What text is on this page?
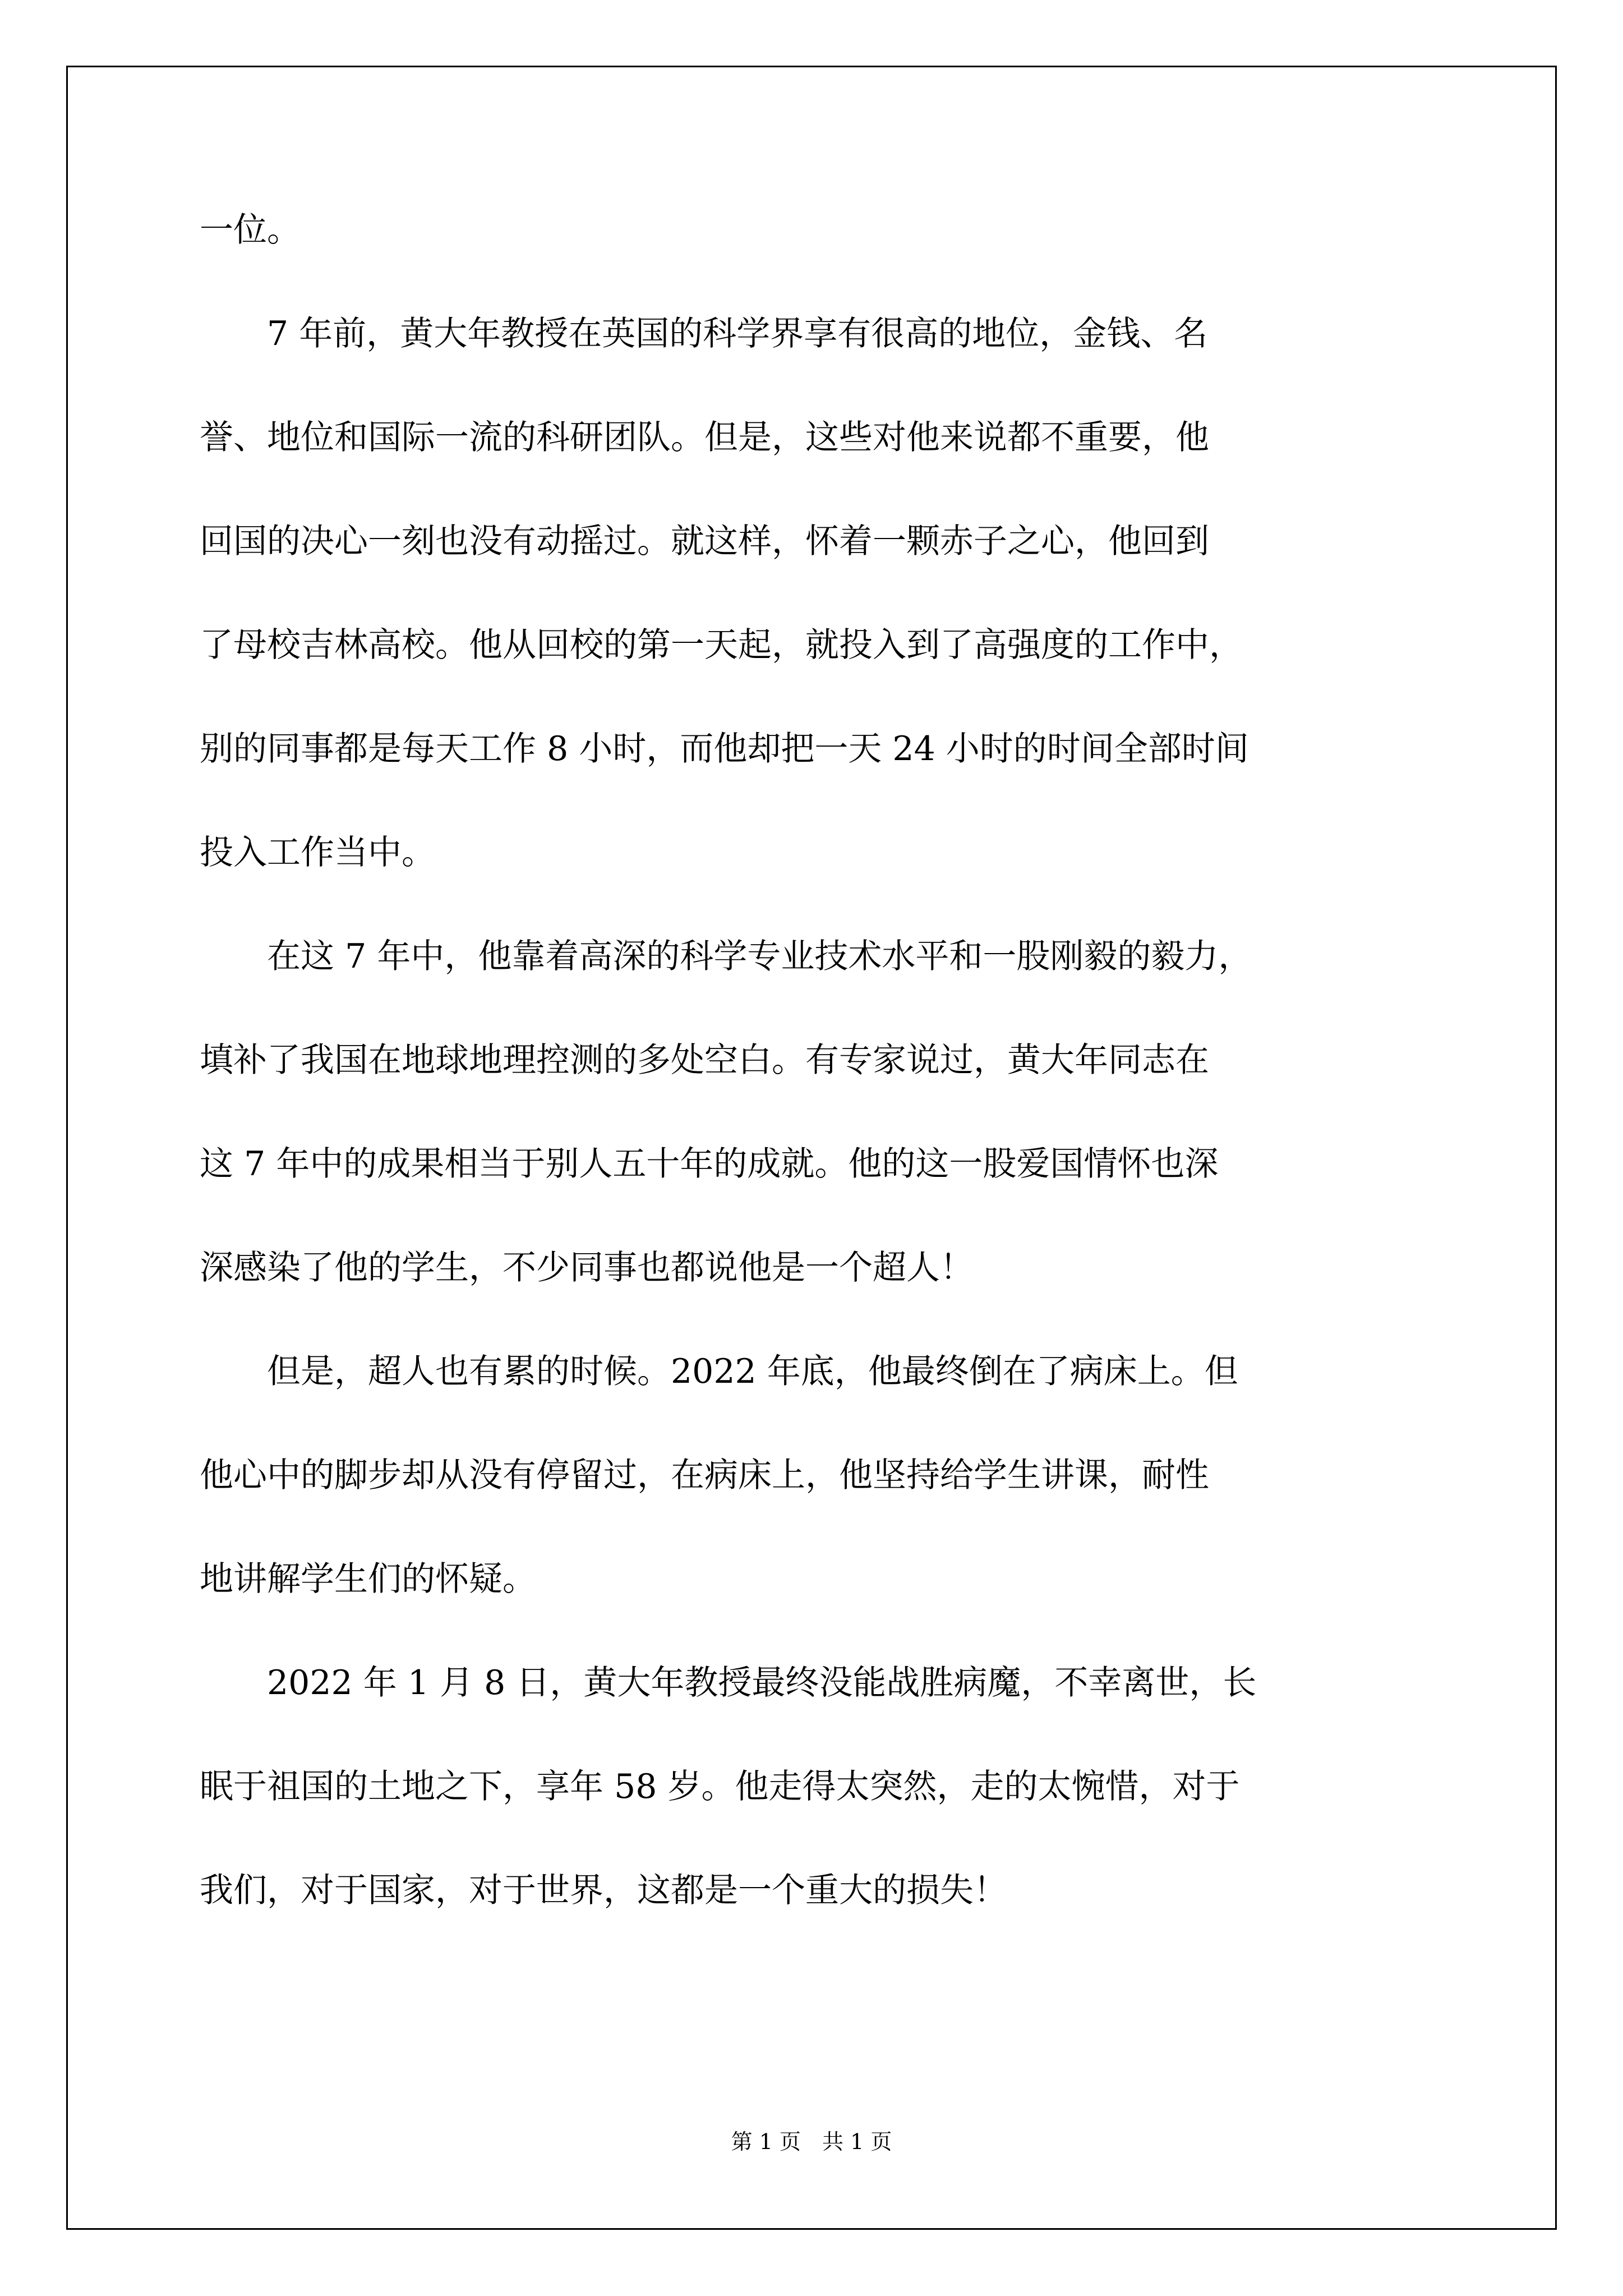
一位。
　　7 年前，黄大年教授在英国的科学界享有很高的地位，金钱、名
誉、地位和国际一流的科研团队。但是，这些对他来说都不重要，他
回国的决心一刻也没有动摇过。就这样，怀着一颗赤子之心，他回到
了母校吉林高校。他从回校的第一天起，就投入到了高强度的工作中，
别的同事都是每天工作 8 小时，而他却把一天 24 小时的时间全部时间
投入工作当中。
　　在这 7 年中，他靠着高深的科学专业技术水平和一股刚毅的毅力，
填补了我国在地球地理控测的多处空白。有专家说过，黄大年同志在
这 7 年中的成果相当于别人五十年的成就。他的这一股爱国情怀也深
深感染了他的学生，不少同事也都说他是一个超人！
　　但是，超人也有累的时候。2022 年底，他最终倒在了病床上。但
他心中的脚步却从没有停留过，在病床上，他坚持给学生讲课，耐性
地讲解学生们的怀疑。
　　2022 年 1 月 8 日，黄大年教授最终没能战胜病魔，不幸离世，长
眠于祖国的土地之下，享年 58 岁。他走得太突然，走的太惋惜，对于
我们，对于国家，对于世界，这都是一个重大的损失！
第 1 页　共 1 页
